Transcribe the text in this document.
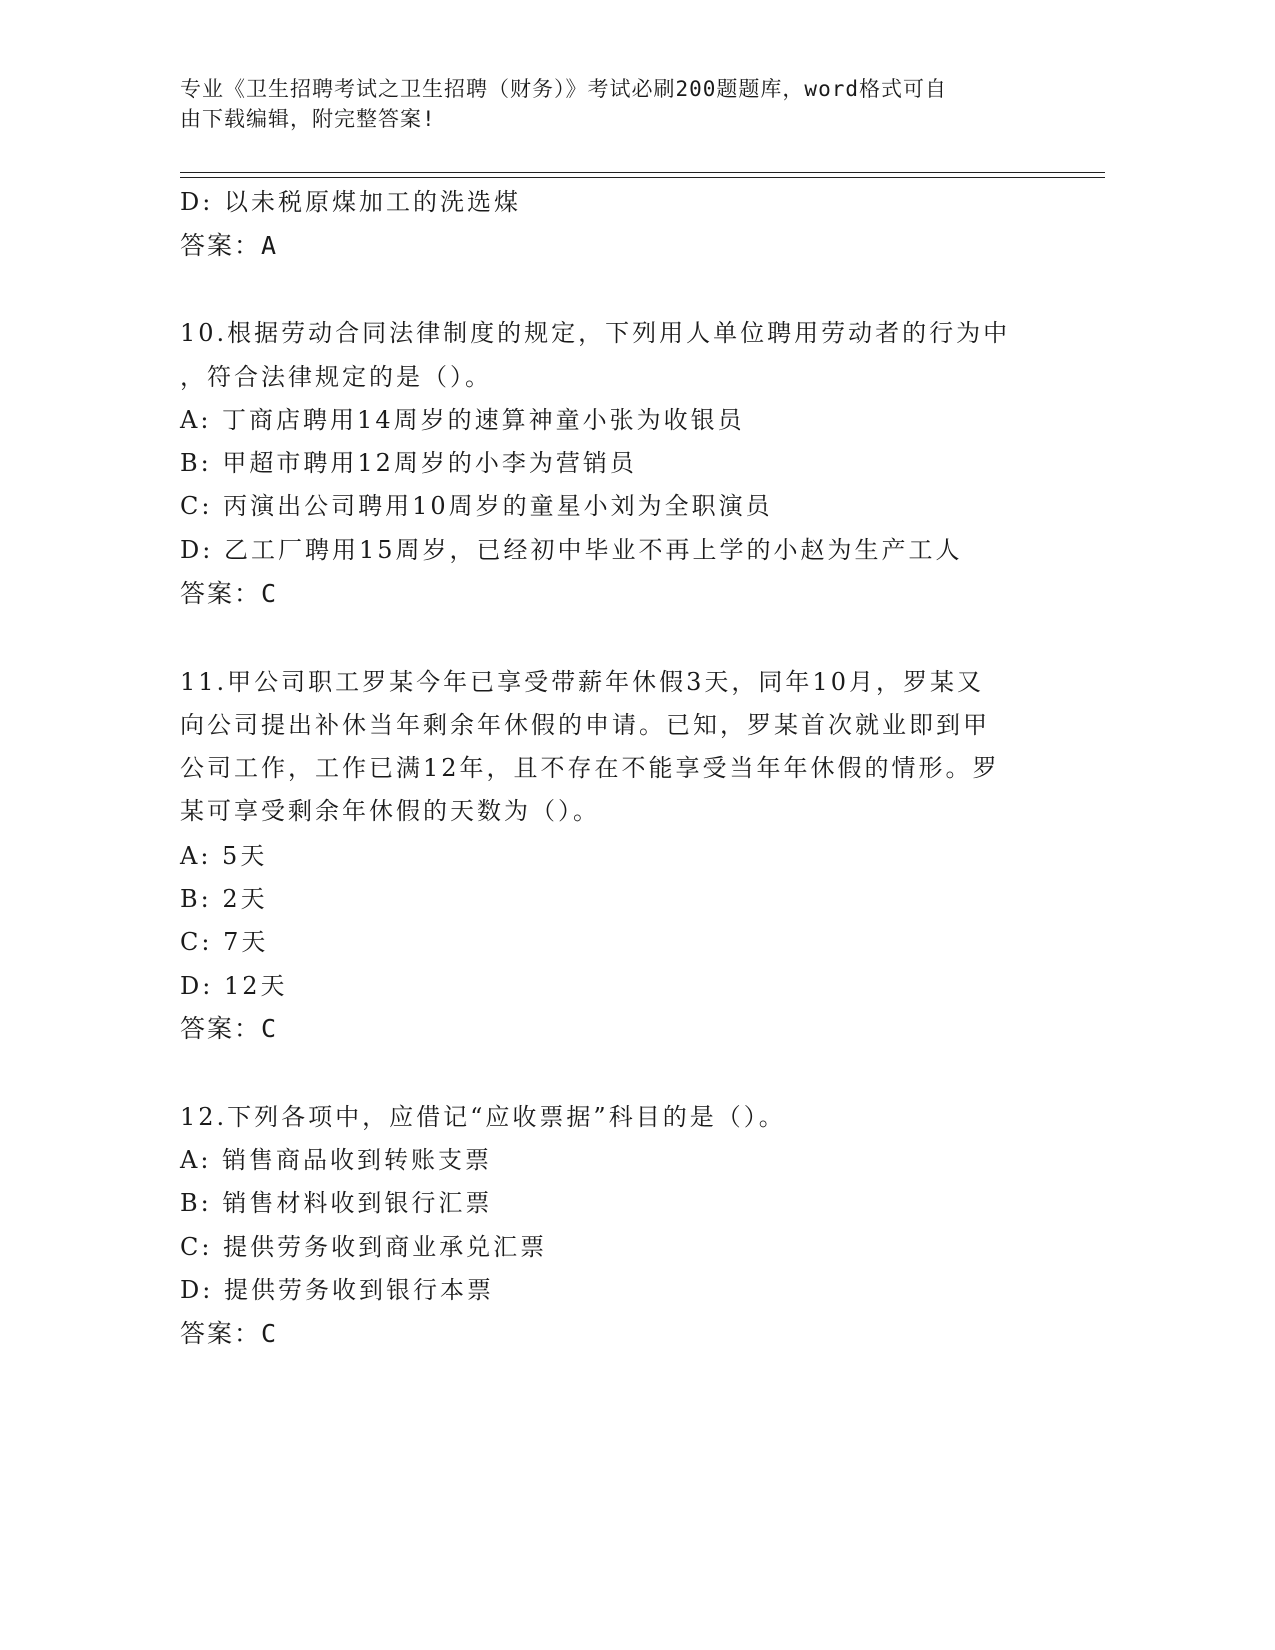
专业《卫生招聘考试之卫生招聘（财务）》考试必刷200题题库，word格式可自
由下载编辑，附完整答案!
D: 以未税原煤加工的洗选煤
答案：A
10.根据劳动合同法律制度的规定，下列用人单位聘用劳动者的行为中
，符合法律规定的是（）。
A: 丁商店聘用14周岁的速算神童小张为收银员
B: 甲超市聘用12周岁的小李为营销员
C: 丙演出公司聘用10周岁的童星小刘为全职演员
D: 乙工厂聘用15周岁，已经初中毕业不再上学的小赵为生产工人
答案：C
11.甲公司职工罗某今年已享受带薪年休假3天，同年10月，罗某又
向公司提出补休当年剩余年休假的申请。已知，罗某首次就业即到甲
公司工作，工作已满12年，且不存在不能享受当年年休假的情形。罗
某可享受剩余年休假的天数为（）。
A: 5天
B: 2天
C: 7天
D: 12天
答案：C
12.下列各项中，应借记“应收票据”科目的是（）。
A: 销售商品收到转账支票
B: 销售材料收到银行汇票
C: 提供劳务收到商业承兑汇票
D: 提供劳务收到银行本票
答案：C
